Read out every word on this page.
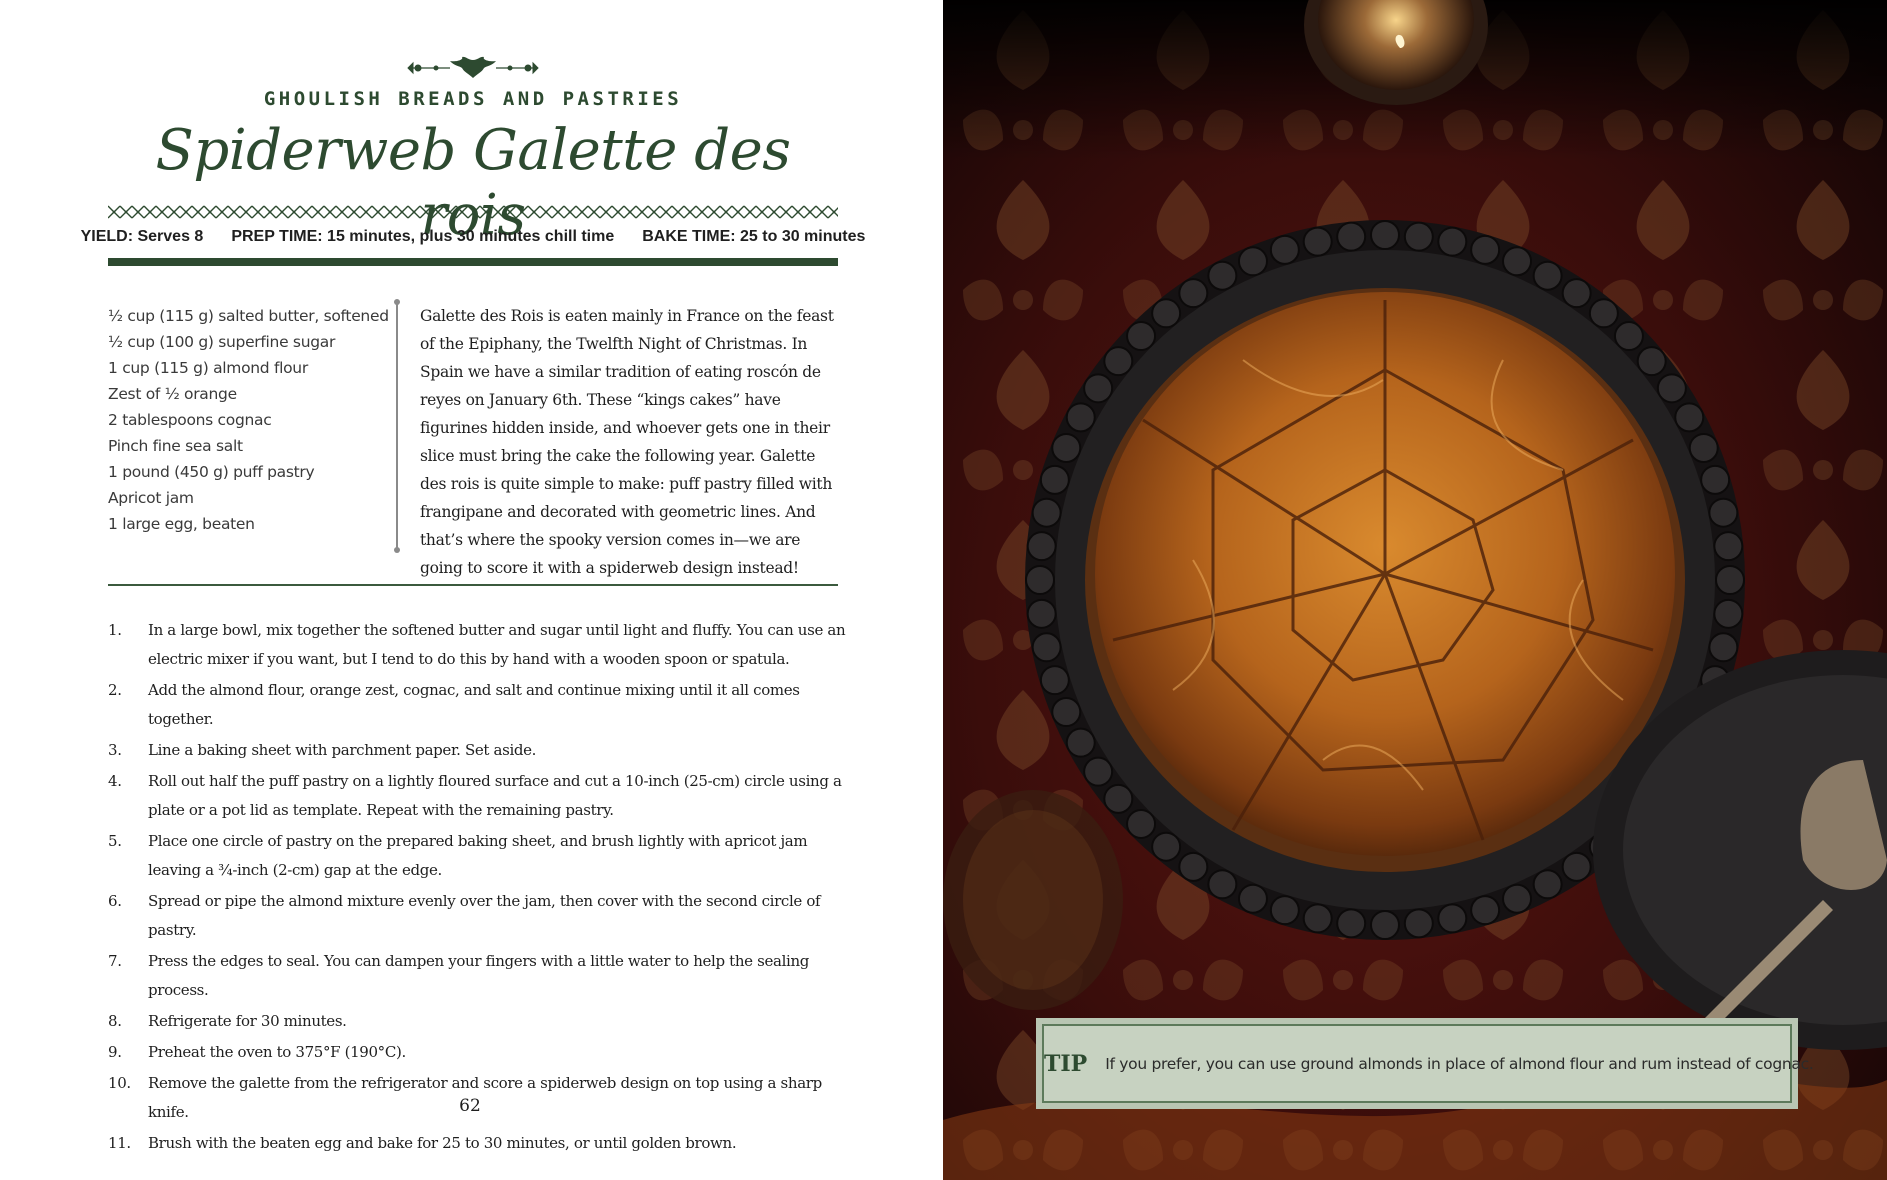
GHOULISH BREADS AND PASTRIES
Spiderweb Galette des
YIELD: Serves 8 PREP TIME: 15 minutes, plus 30 minutes chill time BAKE TIME: 25 to 30 minutes
½ cup (115 g) salted butter, softened
½ cup (100 g) superfine sugar
1 cup (115 g) almond flour
Zest of ½ orange
2 tablespoons cognac
Pinch fine sea salt
1 pound (450 g) puff pastry
Apricot jam
1 large egg, beaten

Galette des Rois is eaten mainly in France on the feast of the Epiphany, the Twelfth Night of Christmas. In Spain we have a similar tradition of eating roscón de reyes on January 6th. These “kings cakes” have figurines hidden inside, and whoever gets one in their slice must bring the cake the following year. Galette des rois is quite simple to make: puff pastry filled with frangipane and decorated with geometric lines. And that’s where the spooky version comes in—we are going to score it with a spiderweb design instead!

1. In a large bowl, mix together the softened butter and sugar until light and fluffy. You can use an electric mixer if you want, but I tend to do this by hand with a wooden spoon or spatula.
2. Add the almond flour, orange zest, cognac, and salt and continue mixing until it all comes together.
3. Line a baking sheet with parchment paper. Set aside.
4. Roll out half the puff pastry on a lightly floured surface and cut a 10-inch (25-cm) circle using a plate or a pot lid as template. Repeat with the remaining pastry.
5. Place one circle of pastry on the prepared baking sheet, and brush lightly with apricot jam leaving a ¾-inch (2-cm) gap at the edge.
6. Spread or pipe the almond mixture evenly over the jam, then cover with the second circle of pastry.
7. Press the edges to seal. You can dampen your fingers with a little water to help the sealing process.
8. Refrigerate for 30 minutes.
9. Preheat the oven to 375°F (190°C).
10. Remove the galette from the refrigerator and score a spiderweb design on top using a sharp knife.
11. Brush with the beaten egg and bake for 25 to 30 minutes, or until golden brown.
62
TIP If you prefer, you can use ground almonds in place of almond flour and rum instead of cognac.
